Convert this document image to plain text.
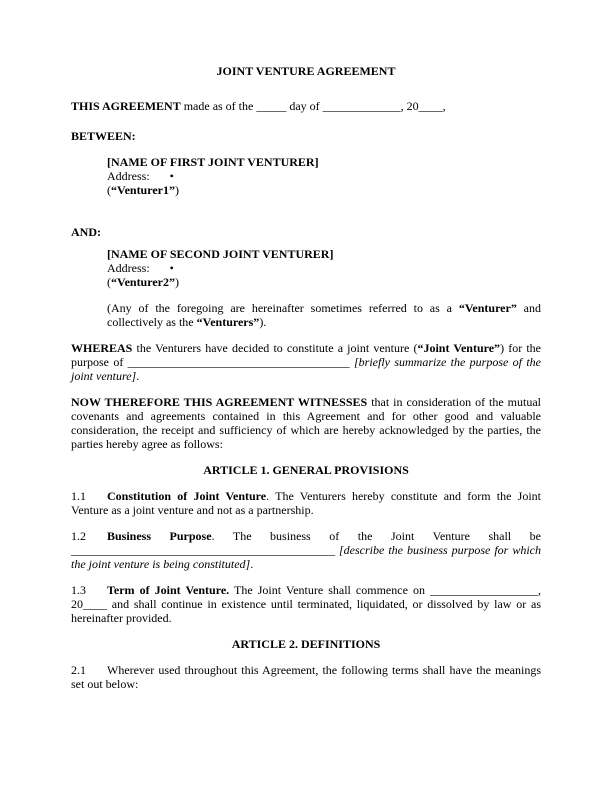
JOINT VENTURE AGREEMENT

THIS AGREEMENT made as of the _____ day of _____________, 20____,

BETWEEN:
[NAME OF FIRST JOINT VENTURER]
Address: •
(“Venturer1”)
AND:
[NAME OF SECOND JOINT VENTURER]
Address: •
(“Venturer2”)

(Any of the foregoing are hereinafter sometimes referred to as a “Venturer” and collectively as the “Venturers”).

WHEREAS the Venturers have decided to constitute a joint venture (“Joint Venture”) for the purpose of _____________________________________ [briefly summarize the purpose of the joint venture].

NOW THEREFORE THIS AGREEMENT WITNESSES that in consideration of the mutual covenants and agreements contained in this Agreement and for other good and valuable consideration, the receipt and sufficiency of which are hereby acknowledged by the parties, the parties hereby agree as follows:

ARTICLE 1. GENERAL PROVISIONS

1.1 Constitution of Joint Venture. The Venturers hereby constitute and form the Joint Venture as a joint venture and not as a partnership.

1.2 Business Purpose. The business of the Joint Venture shall be ____________________________________________ [describe the business purpose for which the joint venture is being constituted].

1.3 Term of Joint Venture. The Joint Venture shall commence on __________________, 20____ and shall continue in existence until terminated, liquidated, or dissolved by law or as hereinafter provided.

ARTICLE 2. DEFINITIONS

2.1 Wherever used throughout this Agreement, the following terms shall have the meanings set out below:
